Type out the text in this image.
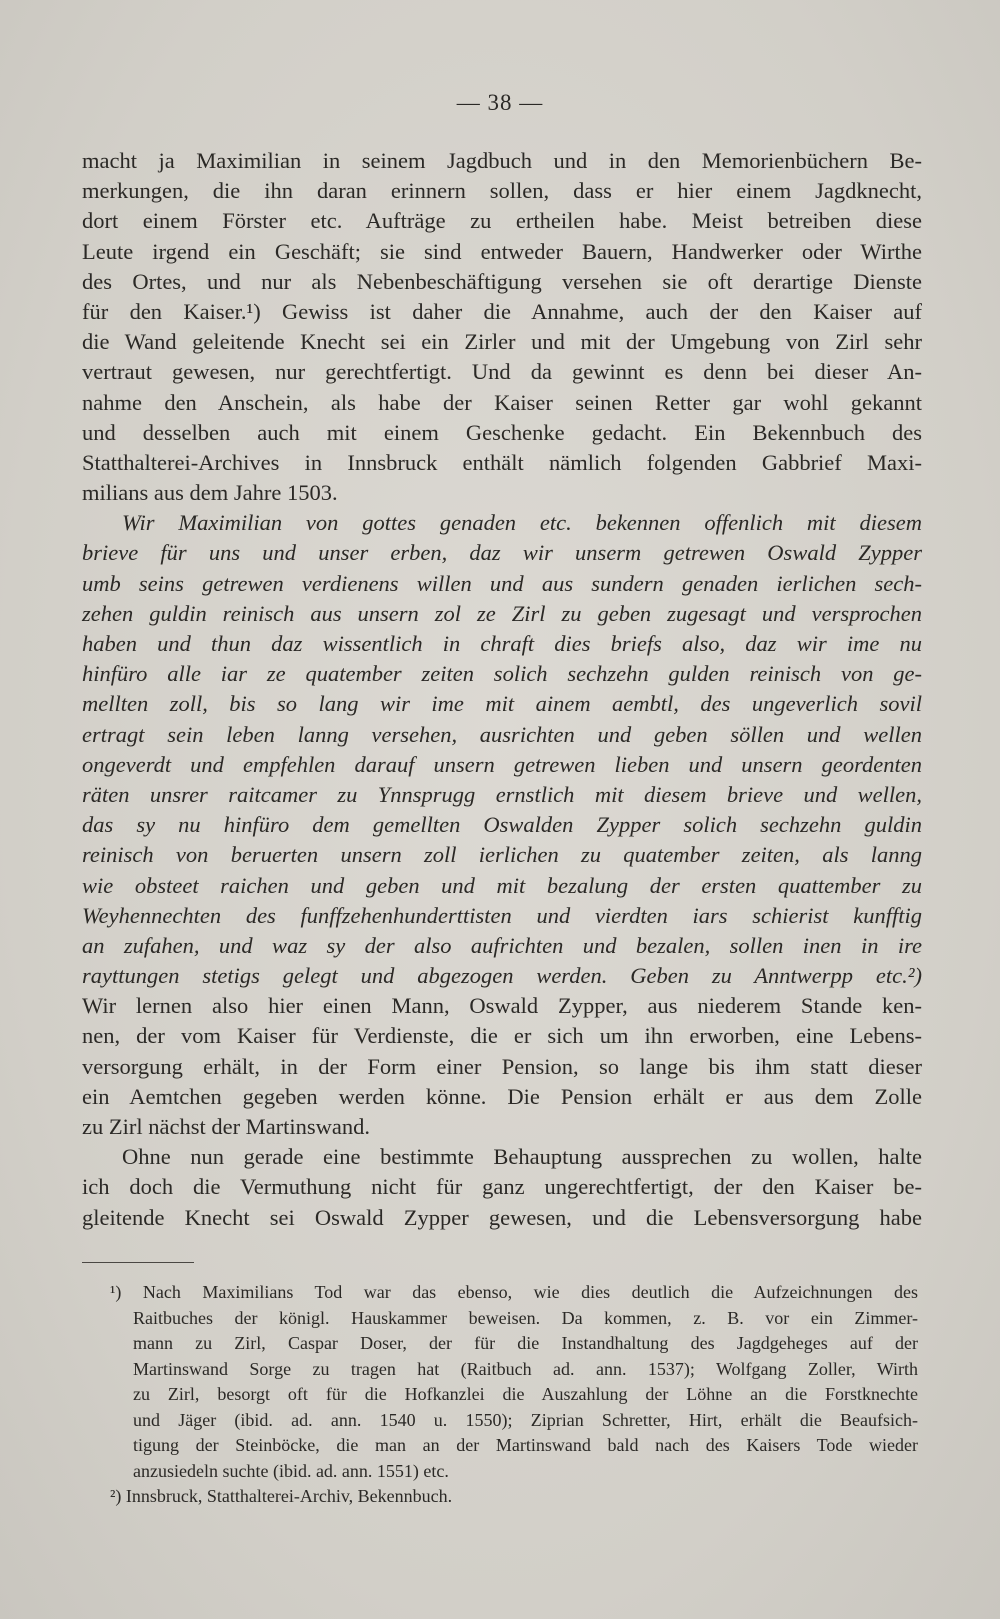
— 38 —
macht ja Maximilian in seinem Jagdbuch und in den Memorienbüchern Be-
merkungen, die ihn daran erinnern sollen, dass er hier einem Jagdknecht,
dort einem Förster etc. Aufträge zu ertheilen habe. Meist betreiben diese
Leute irgend ein Geschäft; sie sind entweder Bauern, Handwerker oder Wirthe
des Ortes, und nur als Nebenbeschäftigung versehen sie oft derartige Dienste
für den Kaiser.¹) Gewiss ist daher die Annahme, auch der den Kaiser auf
die Wand geleitende Knecht sei ein Zirler und mit der Umgebung von Zirl sehr
vertraut gewesen, nur gerechtfertigt. Und da gewinnt es denn bei dieser An-
nahme den Anschein, als habe der Kaiser seinen Retter gar wohl gekannt
und desselben auch mit einem Geschenke gedacht. Ein Bekennbuch des
Statthalterei-Archives in Innsbruck enthält nämlich folgenden Gabbrief Maxi-
milians aus dem Jahre 1503.
Wir Maximilian von gottes genaden etc. bekennen offenlich mit diesem
brieve für uns und unser erben, daz wir unserm getrewen Oswald Zypper
umb seins getrewen verdienens willen und aus sundern genaden ierlichen sech-
zehen guldin reinisch aus unsern zol ze Zirl zu geben zugesagt und versprochen
haben und thun daz wissentlich in chraft dies briefs also, daz wir ime nu
hinfüro alle iar ze quatember zeiten solich sechzehn gulden reinisch von ge-
mellten zoll, bis so lang wir ime mit ainem aembtl, des ungeverlich sovil
ertragt sein leben lanng versehen, ausrichten und geben söllen und wellen
ongeverdt und empfehlen darauf unsern getrewen lieben und unsern geordenten
räten unsrer raitcamer zu Ynnsprugg ernstlich mit diesem brieve und wellen,
das sy nu hinfüro dem gemellten Oswalden Zypper solich sechzehn guldin
reinisch von beruerten unsern zoll ierlichen zu quatember zeiten, als lanng
wie obsteet raichen und geben und mit bezalung der ersten quattember zu
Weyhennechten des funffzehenhunderttisten und vierdten iars schierist kunfftig
an zufahen, und waz sy der also aufrichten und bezalen, sollen inen in ire
rayttungen stetigs gelegt und abgezogen werden. Geben zu Anntwerpp etc.²)
Wir lernen also hier einen Mann, Oswald Zypper, aus niederem Stande ken-
nen, der vom Kaiser für Verdienste, die er sich um ihn erworben, eine Lebens-
versorgung erhält, in der Form einer Pension, so lange bis ihm statt dieser
ein Aemtchen gegeben werden könne. Die Pension erhält er aus dem Zolle
zu Zirl nächst der Martinswand.
Ohne nun gerade eine bestimmte Behauptung aussprechen zu wollen, halte
ich doch die Vermuthung nicht für ganz ungerechtfertigt, der den Kaiser be-
gleitende Knecht sei Oswald Zypper gewesen, und die Lebensversorgung habe
¹) Nach Maximilians Tod war das ebenso, wie dies deutlich die Aufzeichnungen des
Raitbuches der königl. Hauskammer beweisen. Da kommen, z. B. vor ein Zimmer-
mann zu Zirl, Caspar Doser, der für die Instandhaltung des Jagdgeheges auf der
Martinswand Sorge zu tragen hat (Raitbuch ad. ann. 1537); Wolfgang Zoller, Wirth
zu Zirl, besorgt oft für die Hofkanzlei die Auszahlung der Löhne an die Forstknechte
und Jäger (ibid. ad. ann. 1540 u. 1550); Ziprian Schretter, Hirt, erhält die Beaufsich-
tigung der Steinböcke, die man an der Martinswand bald nach des Kaisers Tode wieder
anzusiedeln suchte (ibid. ad. ann. 1551) etc.
²) Innsbruck, Statthalterei-Archiv, Bekennbuch.
